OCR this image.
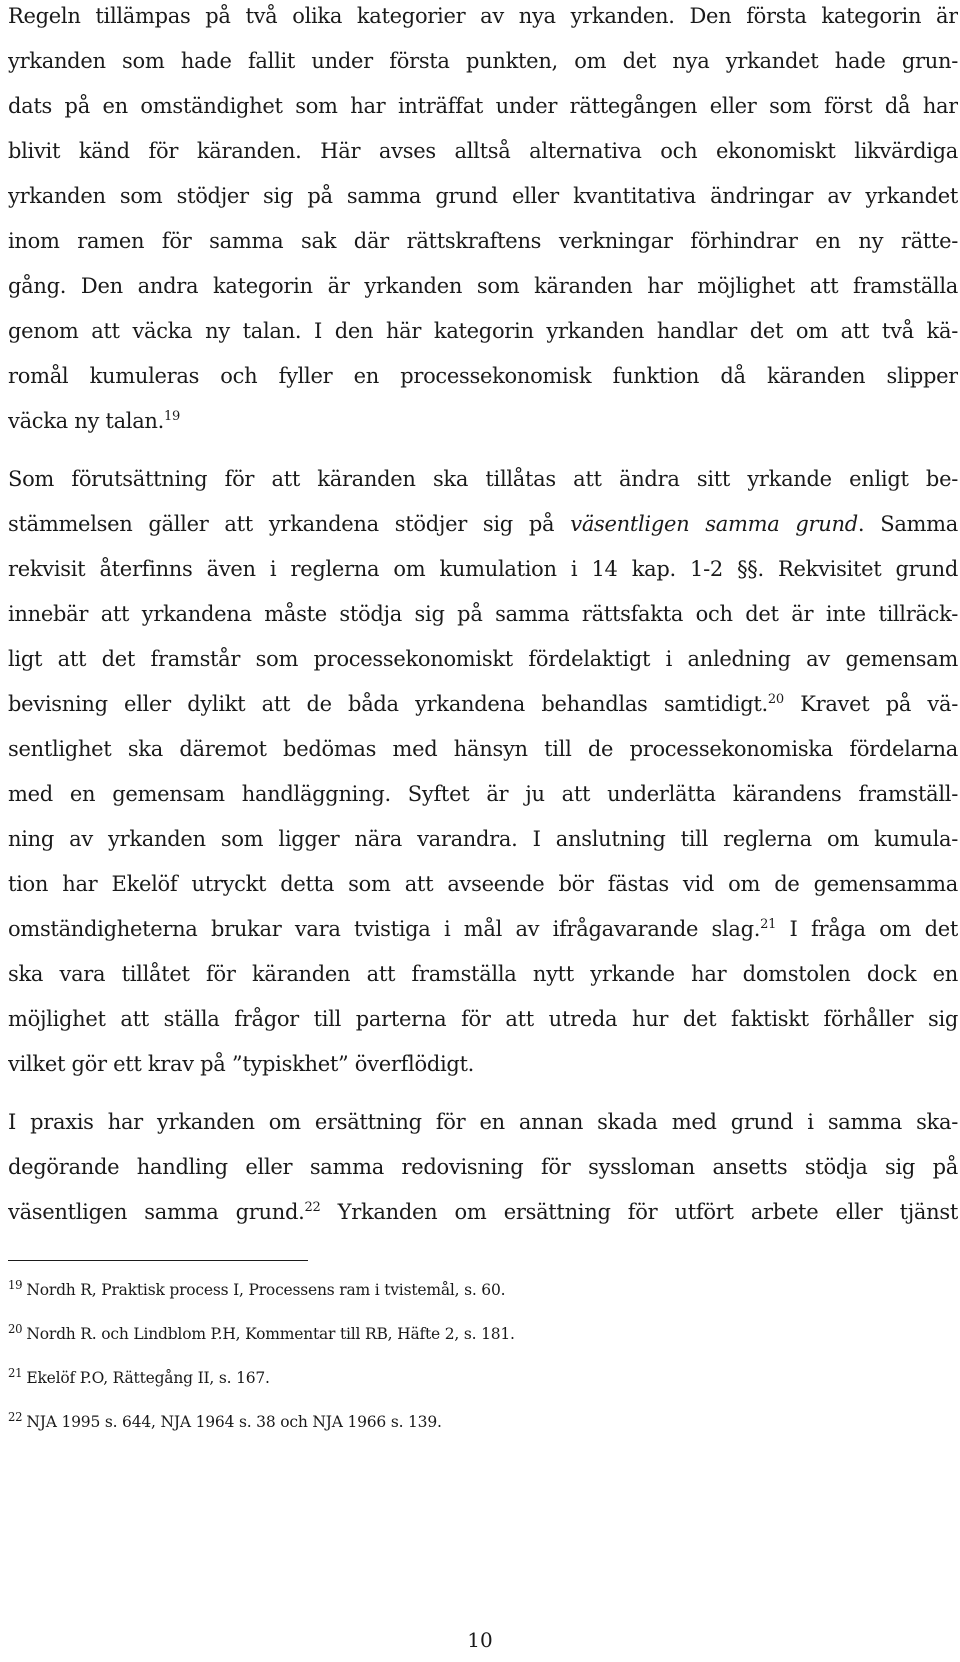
Regeln tillämpas på två olika kategorier av nya yrkanden. Den första kategorin är

yrkanden som hade fallit under första punkten, om det nya yrkandet hade grun-

dats på en omständighet som har inträffat under rättegången eller som först då har

blivit känd för käranden. Här avses alltså alternativa och ekonomiskt likvärdiga

yrkanden som stödjer sig på samma grund eller kvantitativa ändringar av yrkandet

inom ramen för samma sak där rättskraftens verkningar förhindrar en ny rätte-

gång. Den andra kategorin är yrkanden som käranden har möjlighet att framställa

genom att väcka ny talan. I den här kategorin yrkanden handlar det om att två kä-

romål kumuleras och fyller en processekonomisk funktion då käranden slipper

väcka ny talan.$^{19}$

Som förutsättning för att käranden ska tillåtas att ändra sitt yrkande enligt be-

stämmelsen gäller att yrkandena stödjer sig på väsentligen samma grund. Samma

rekvisit återfinns även i reglerna om kumulation i 14 kap. 1-2 §§. Rekvisitet grund

innebär att yrkandena måste stödja sig på samma rättsfakta och det är inte tillräck-

ligt att det framstår som processekonomiskt fördelaktigt i anledning av gemensam

bevisning eller dylikt att de båda yrkandena behandlas samtidigt.$^{20}$ Kravet på vä-

sentlighet ska däremot bedömas med hänsyn till de processekonomiska fördelarna

med en gemensam handläggning. Syftet är ju att underlätta kärandens framställ-

ning av yrkanden som ligger nära varandra. I anslutning till reglerna om kumula-

tion har Ekelöf utryckt detta som att avseende bör fästas vid om de gemensamma

omständigheterna brukar vara tvistiga i mål av ifrågavarande slag.$^{21}$ I fråga om det

ska vara tillåtet för käranden att framställa nytt yrkande har domstolen dock en

möjlighet att ställa frågor till parterna för att utreda hur det faktiskt förhåller sig

vilket gör ett krav på ”typiskhet” överflödigt.

I praxis har yrkanden om ersättning för en annan skada med grund i samma ska-

degörande handling eller samma redovisning för syssloman ansetts stödja sig på

väsentligen samma grund.$^{22}$ Yrkanden om ersättning för utfört arbete eller tjänst

$^{19}$ Nordh R, Praktisk process I, Processens ram i tvistemål, s. 60.
$^{20}$ Nordh R. och Lindblom P.H, Kommentar till RB, Häfte 2, s. 181.
$^{21}$ Ekelöf P.O, Rättegång II, s. 167.
$^{22}$ NJA 1995 s. 644, NJA 1964 s. 38 och NJA 1966 s. 139.
10
